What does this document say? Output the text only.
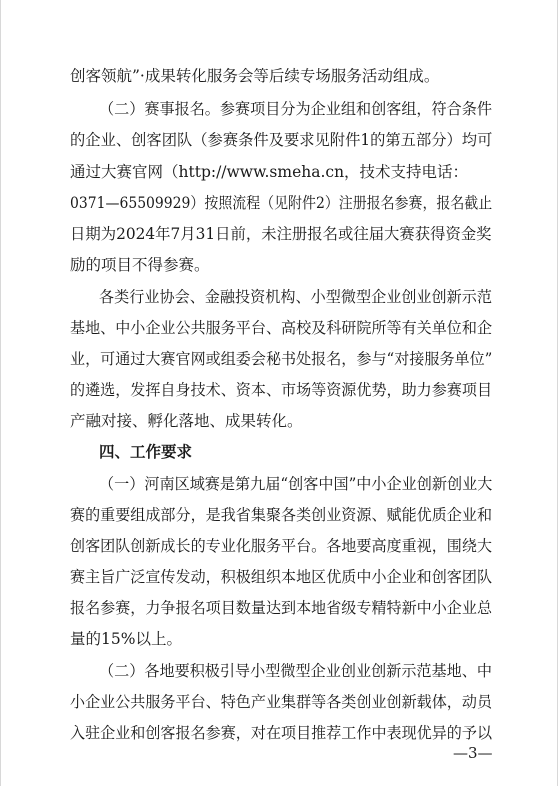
创客领航”·成果转化服务会等后续专场服务活动组成。
（二）赛事报名。参赛项目分为企业组和创客组，符合条件
的企业、创客团队（参赛条件及要求见附件1的第五部分）均可
通过大赛官网（http://www.smeha.cn，技术支持电话：
0371—65509929）按照流程（见附件2）注册报名参赛，报名截止
日期为2024年7月31日前，未注册报名或往届大赛获得资金奖
励的项目不得参赛。
各类行业协会、金融投资机构、小型微型企业创业创新示范
基地、中小企业公共服务平台、高校及科研院所等有关单位和企
业，可通过大赛官网或组委会秘书处报名，参与“对接服务单位”
的遴选，发挥自身技术、资本、市场等资源优势，助力参赛项目
产融对接、孵化落地、成果转化。
四、工作要求
（一）河南区域赛是第九届“创客中国”中小企业创新创业大
赛的重要组成部分，是我省集聚各类创业资源、赋能优质企业和
创客团队创新成长的专业化服务平台。各地要高度重视，围绕大
赛主旨广泛宣传发动，积极组织本地区优质中小企业和创客团队
报名参赛，力争报名项目数量达到本地省级专精特新中小企业总
量的15%以上。
（二）各地要积极引导小型微型企业创业创新示范基地、中
小企业公共服务平台、特色产业集群等各类创业创新载体，动员
入驻企业和创客报名参赛，对在项目推荐工作中表现优异的予以
—3—
